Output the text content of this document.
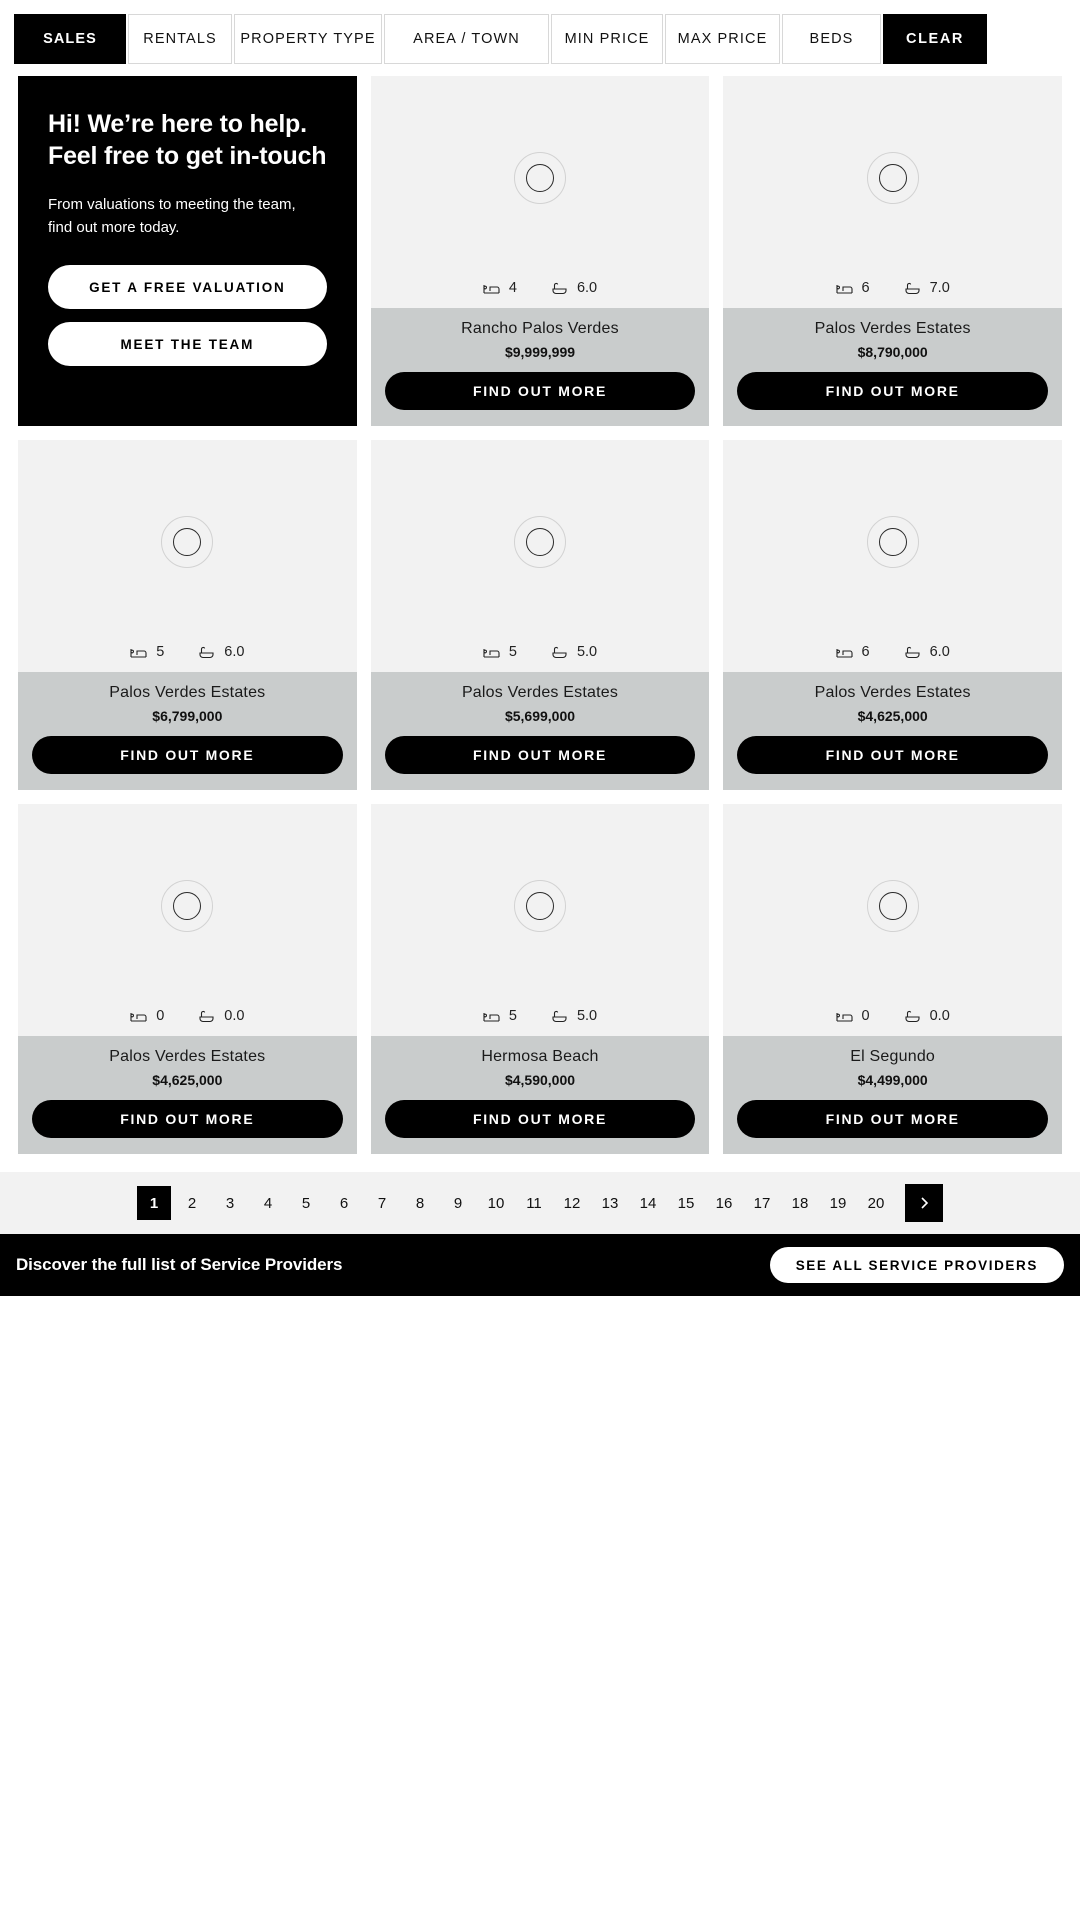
SALES	RENTALS	PROPERTY TYPE	AREA / TOWN	MIN PRICE	MAX PRICE	BEDS	CLEAR
Hi! We’re here to help. Feel free to get in-touch

From valuations to meeting the team, find out more today.

GET A FREE VALUATION
MEET THE TEAM
4	6.0
Rancho Palos Verdes
$9,999,999
FIND OUT MORE
6	7.0
Palos Verdes Estates
$8,790,000
FIND OUT MORE
5	6.0
Palos Verdes Estates
$6,799,000
FIND OUT MORE
5	5.0
Palos Verdes Estates
$5,699,000
FIND OUT MORE
6	6.0
Palos Verdes Estates
$4,625,000
FIND OUT MORE
0	0.0
Palos Verdes Estates
$4,625,000
FIND OUT MORE
5	5.0
Hermosa Beach
$4,590,000
FIND OUT MORE
0	0.0
El Segundo
$4,499,000
FIND OUT MORE
1	2	3	4	5	6	7	8	9	10	11	12	13	14	15	16	17	18	19	20
Discover the full list of Service Providers	SEE ALL SERVICE PROVIDERS
